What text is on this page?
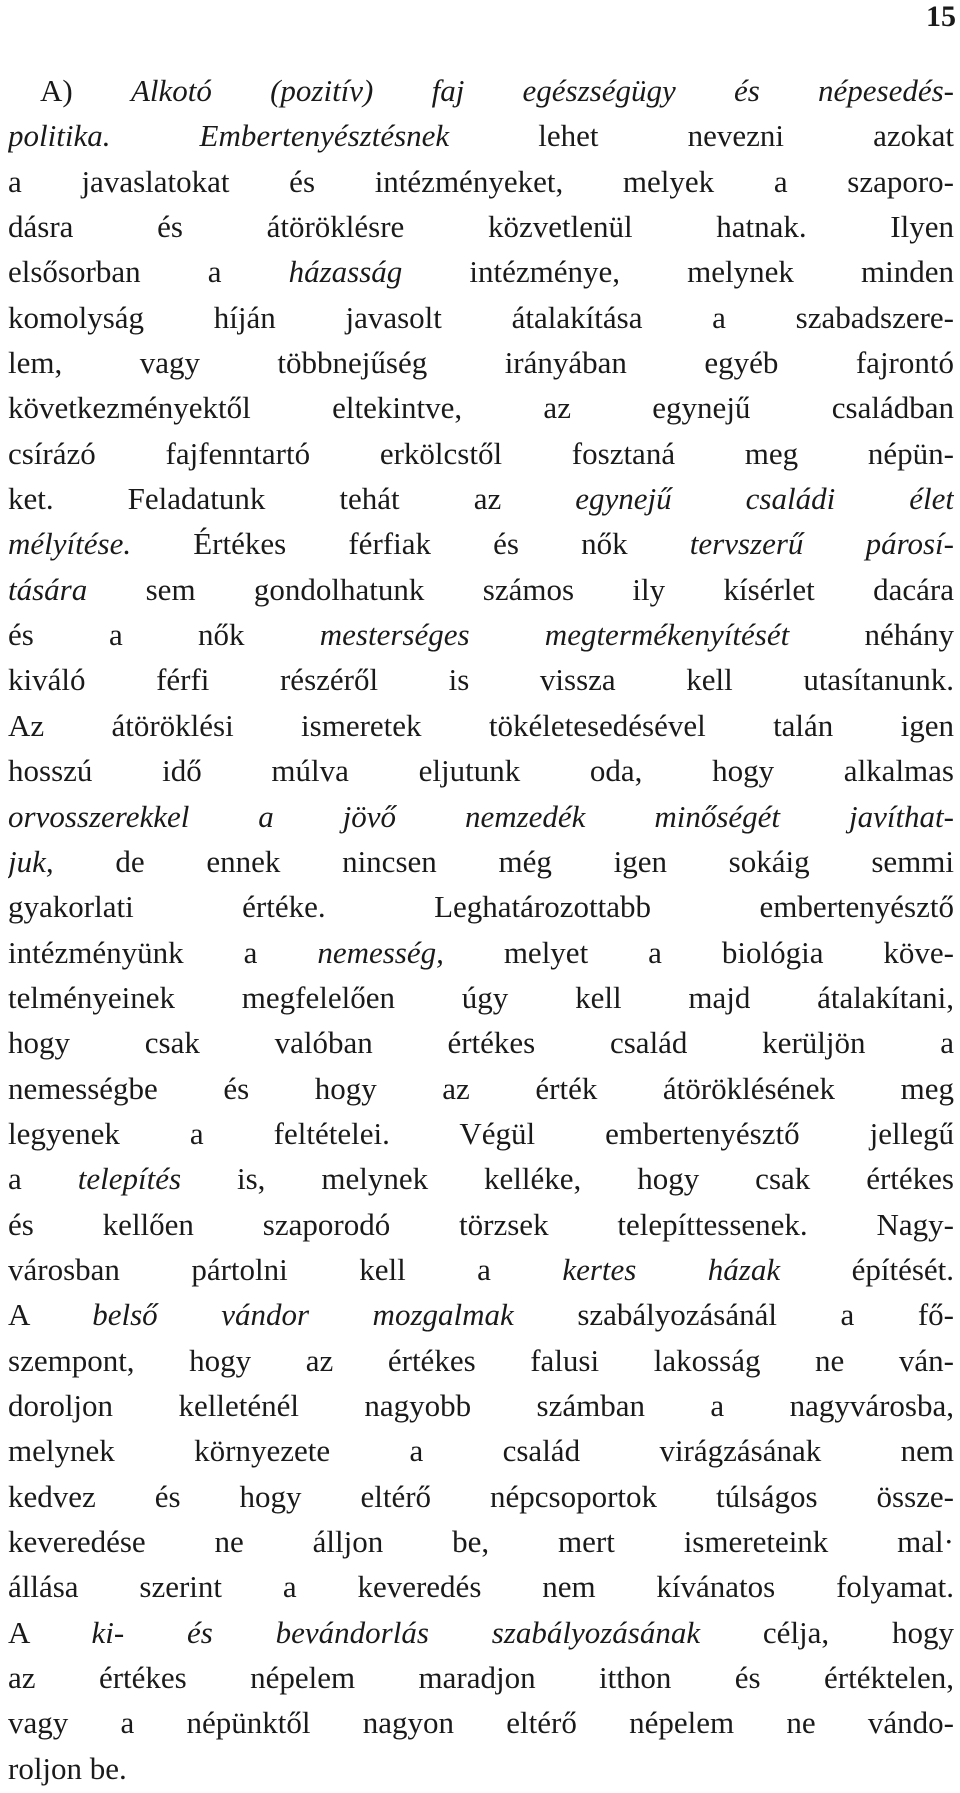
15
A) Alkotó (pozitív) faj egészségügy és népesedés-
politika. Embertenyésztésnek lehet nevezni azokat
a javaslatokat és intézményeket, melyek a szaporo-
dásra és átöröklésre közvetlenül hatnak. Ilyen
elsősorban a házasság intézménye, melynek minden
komolyság híján javasolt átalakítása a szabadszere-
lem, vagy többnejűség irányában egyéb fajrontó
következményektől eltekintve, az egynejű családban
csírázó fajfenntartó erkölcstől fosztaná meg népün-
ket. Feladatunk tehát az egynejű családi élet
mélyítése. Értékes férfiak és nők tervszerű párosí-
tására sem gondolhatunk számos ily kísérlet dacára
és a nők mesterséges megtermékenyítését néhány
kiváló férfi részéről is vissza kell utasítanunk.
Az átöröklési ismeretek tökéletesedésével talán igen
hosszú idő múlva eljutunk oda, hogy alkalmas
orvosszerekkel a jövő nemzedék minőségét javíthat-
juk, de ennek nincsen még igen sokáig semmi
gyakorlati értéke. Leghatározottabb embertenyésztő
intézményünk a nemesség, melyet a biológia köve-
telményeinek megfelelően úgy kell majd átalakítani,
hogy csak valóban értékes család kerüljön a
nemességbe és hogy az érték átöröklésének meg
legyenek a feltételei. Végül embertenyésztő jellegű
a telepítés is, melynek kelléke, hogy csak értékes
és kellően szaporodó törzsek telepíttessenek. Nagy-
városban pártolni kell a kertes házak építését.
A belső vándor mozgalmak szabályozásánál a fő-
szempont, hogy az értékes falusi lakosság ne ván-
doroljon kelleténél nagyobb számban a nagyvárosba,
melynek környezete a család virágzásának nem
kedvez és hogy eltérő népcsoportok túlságos össze-
keveredése ne álljon be, mert ismereteink mal·
állása szerint a keveredés nem kívánatos folyamat.
A ki- és bevándorlás szabályozásának célja, hogy
az értékes népelem maradjon itthon és értéktelen,
vagy a népünktől nagyon eltérő népelem ne vándo-
roljon be.
